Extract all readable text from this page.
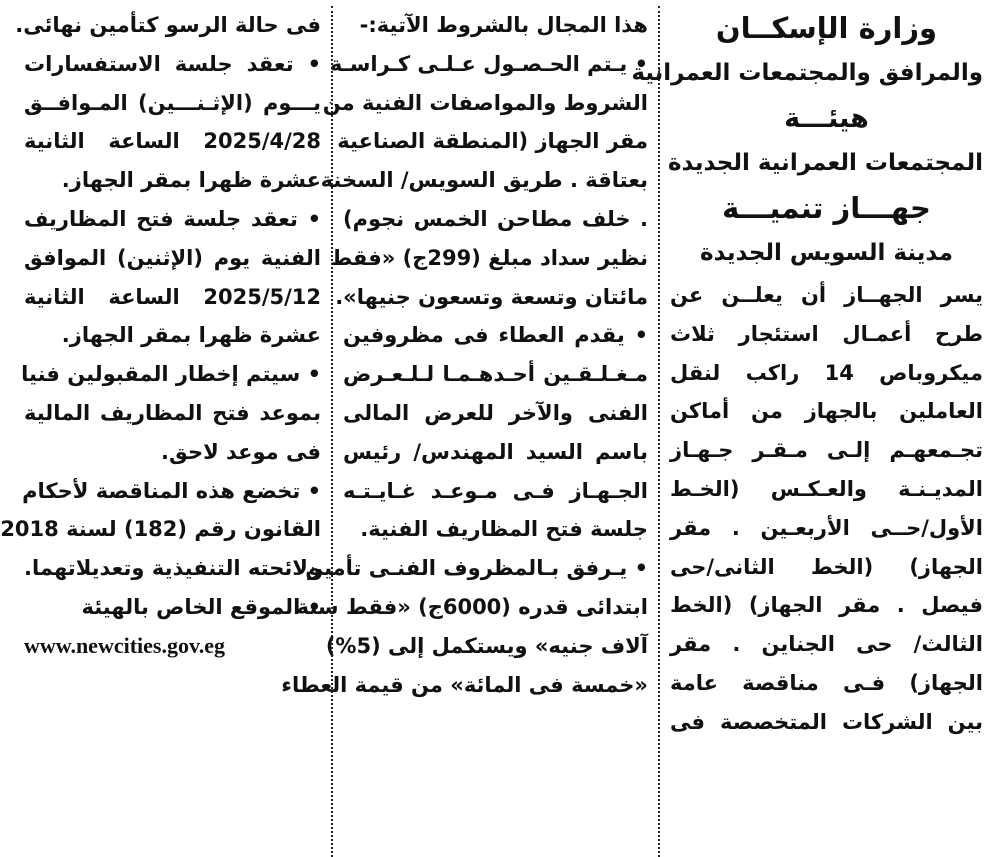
وزارة الإسكــان
والمرافق والمجتمعات العمرانية
هيئـــة
المجتمعات العمرانية الجديدة
جهـــاز تنميـــة
مدينة السويس الجديدة
يسر الجهــاز أن يعلــن عن
طرح أعمـال استئجار ثلاث
ميكروباص 14 راكب لنقل
العاملين بالجهاز من أماكن
تجـمعهـم إلـى مـقـر جـهـاز
المديـنـة والعـكـس (الخـط
الأول/حــى الأربعـين . مقر
الجهاز) (الخط الثانى/حى
فيصل . مقر الجهاز) (الخط
الثالث/ حى الجناين . مقر
الجهاز) فـى مناقصة عامة
بين الشركات المتخصصة فى
هذا المجال بالشروط الآتية:-
• يـتم الحـصـول عـلـى كـراسـة
الشروط والمواصفات الفنية من
مقر الجهاز (المنطقة الصناعية
بعتاقة . طريق السويس/ السخنة
. خلف مطاحن الخمس نجوم)
نظير سداد مبلغ (299ج) «فقط
مائتان وتسعة وتسعون جنيها».
• يقدم العطاء فى مظروفين
مـغـلـقـين أحـدهـمـا لـلـعـرض
الفنى والآخر للعرض المالى
باسم السيد المهندس/ رئيس
الجـهـاز فـى مـوعـد غـايـتـه
جلسة فتح المظاريف الفنية.
• يـرفق بـالمظروف الفنـى تأمين
ابتدائى قدره (6000ج) «فقط ستة
آلاف جنيه» ويستكمل إلى (5%)
«خمسة فى المائة» من قيمة العطاء
فى حالة الرسو كتأمين نهائى.
• تعقد جلسة الاستفسارات
يـــوم (الإثـنـــين) المـوافــق
2025/4/28 الساعة الثانية
عشرة ظهرا بمقر الجهاز.
• تعقد جلسة فتح المظاريف
الفنية يوم (الإثنين) الموافق
2025/5/12 الساعة الثانية
عشرة ظهرا بمقر الجهاز.
• سيتم إخطار المقبولين فنيا
بموعد فتح المظاريف المالية
فى موعد لاحق.
• تخضع هذه المناقصة لأحكام
القانون رقم (182) لسنة 2018
ولائحته التنفيذية وتعديلاتهما.
• الموقع الخاص بالهيئة
www.newcities.gov.eg
